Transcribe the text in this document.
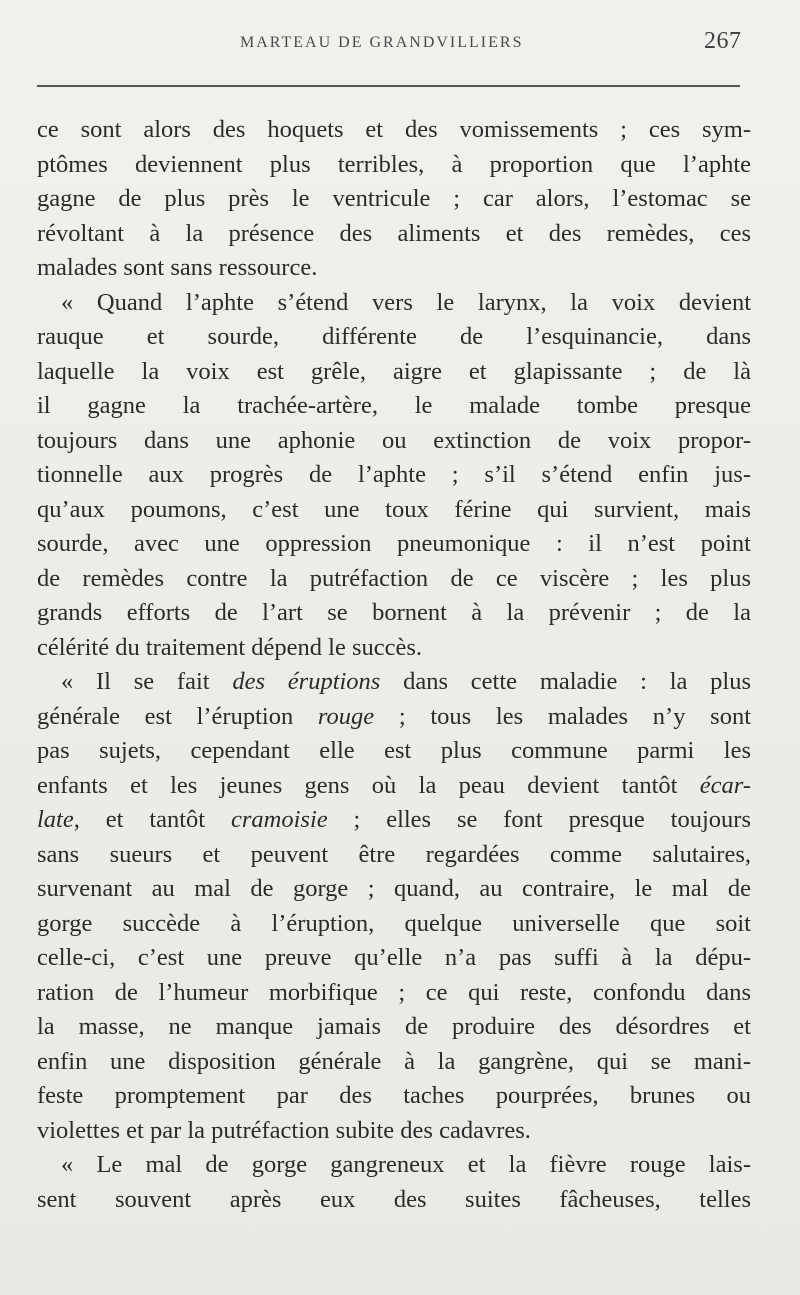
MARTEAU DE GRANDVILLIERS	267
ce sont alors des hoquets et des vomissements ; ces sym-
ptômes deviennent plus terribles, à proportion que l’aphte
gagne de plus près le ventricule ; car alors, l’estomac se
révoltant à la présence des aliments et des remèdes, ces
malades sont sans ressource.
« Quand l’aphte s’étend vers le larynx, la voix devient
rauque et sourde, différente de l’esquinancie, dans
laquelle la voix est grêle, aigre et glapissante ; de là
il gagne la trachée-artère, le malade tombe presque
toujours dans une aphonie ou extinction de voix propor-
tionnelle aux progrès de l’aphte ; s’il s’étend enfin jus-
qu’aux poumons, c’est une toux férine qui survient, mais
sourde, avec une oppression pneumonique : il n’est point
de remèdes contre la putréfaction de ce viscère ; les plus
grands efforts de l’art se bornent à la prévenir ; de la
célérité du traitement dépend le succès.
« Il se fait des éruptions dans cette maladie : la plus
générale est l’éruption rouge ; tous les malades n’y sont
pas sujets, cependant elle est plus commune parmi les
enfants et les jeunes gens où la peau devient tantôt écar-
late, et tantôt cramoisie ; elles se font presque toujours
sans sueurs et peuvent être regardées comme salutaires,
survenant au mal de gorge ; quand, au contraire, le mal de
gorge succède à l’éruption, quelque universelle que soit
celle-ci, c’est une preuve qu’elle n’a pas suffi à la dépu-
ration de l’humeur morbifique ; ce qui reste, confondu dans
la masse, ne manque jamais de produire des désordres et
enfin une disposition générale à la gangrène, qui se mani-
feste promptement par des taches pourprées, brunes ou
violettes et par la putréfaction subite des cadavres.
« Le mal de gorge gangreneux et la fièvre rouge lais-
sent souvent après eux des suites fâcheuses, telles
